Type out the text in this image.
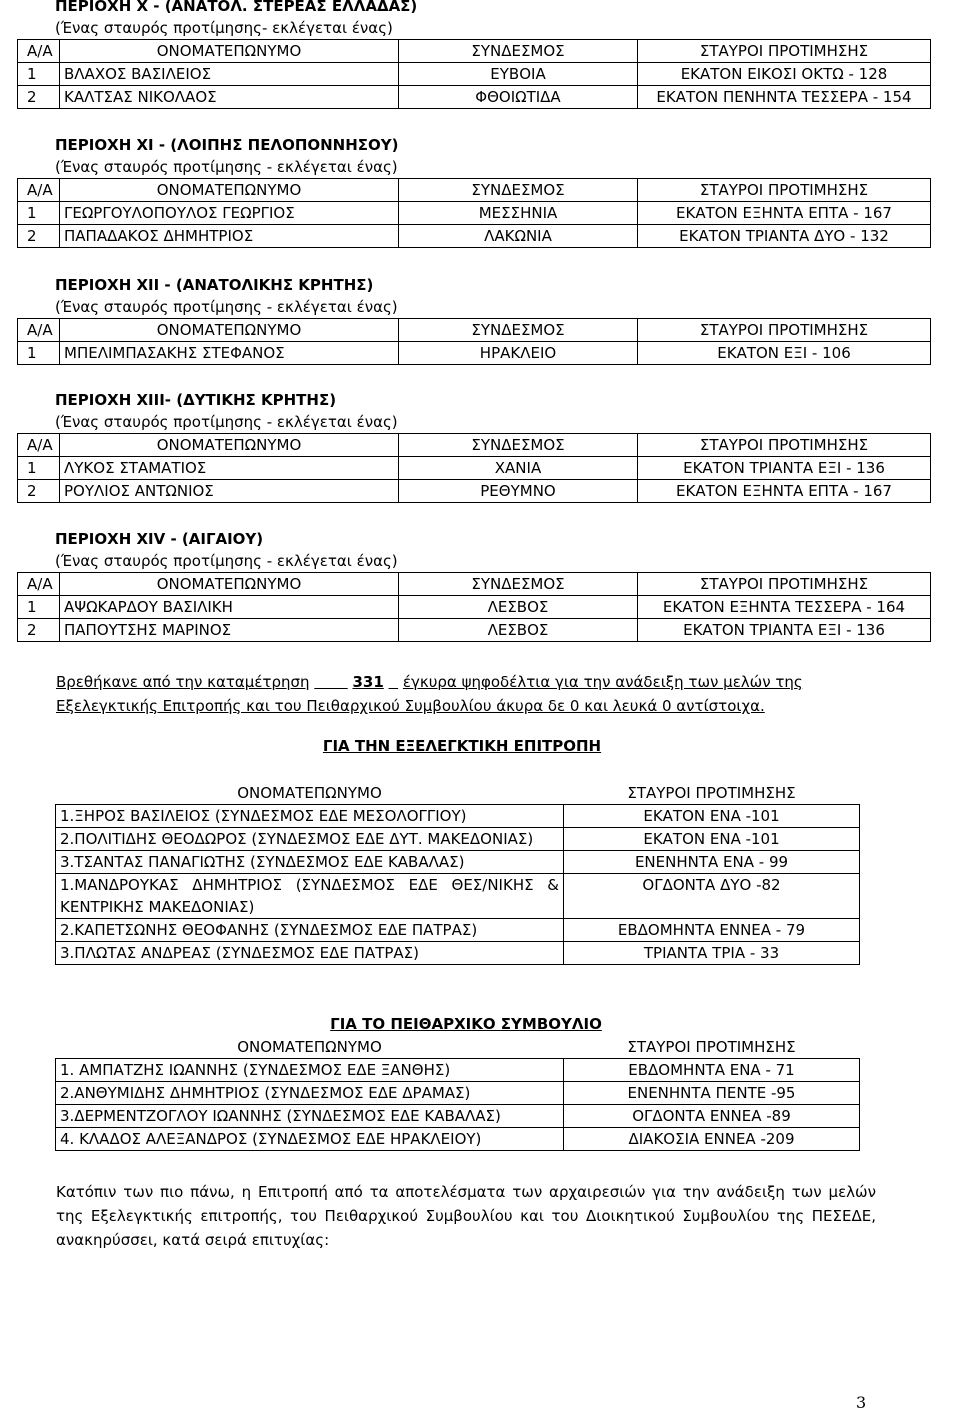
ΠΕΡΙΟΧΗ Χ - (ΑΝΑΤΟΛ. ΣΤΕΡΕΑΣ ΕΛΛΑΔΑΣ)
(Ένας σταυρός προτίμησης- εκλέγεται ένας)
Α/Α	ΟΝΟΜΑΤΕΠΩΝΥΜΟ	ΣΥΝΔΕΣΜΟΣ	ΣΤΑΥΡΟΙ ΠΡΟΤΙΜΗΣΗΣ
1	ΒΛΑΧΟΣ ΒΑΣΙΛΕΙΟΣ	ΕΥΒΟΙΑ	ΕΚΑΤΟΝ ΕΙΚΟΣΙ ΟΚΤΩ - 128
2	ΚΑΛΤΣΑΣ ΝΙΚΟΛΑΟΣ	ΦΘΟΙΩΤΙΔΑ	ΕΚΑΤΟΝ ΠΕΝΗΝΤΑ ΤΕΣΣΕΡΑ - 154
ΠΕΡΙΟΧΗ ΧΙ - (ΛΟΙΠΗΣ ΠΕΛΟΠΟΝΝΗΣΟΥ)
(Ένας σταυρός προτίμησης - εκλέγεται ένας)
Α/Α	ΟΝΟΜΑΤΕΠΩΝΥΜΟ	ΣΥΝΔΕΣΜΟΣ	ΣΤΑΥΡΟΙ ΠΡΟΤΙΜΗΣΗΣ
1	ΓΕΩΡΓΟΥΛΟΠΟΥΛΟΣ ΓΕΩΡΓΙΟΣ	ΜΕΣΣΗΝΙΑ	ΕΚΑΤΟΝ ΕΞΗΝΤΑ ΕΠΤΑ - 167
2	ΠΑΠΑΔΑΚΟΣ ΔΗΜΗΤΡΙΟΣ	ΛΑΚΩΝΙΑ	ΕΚΑΤΟΝ ΤΡΙΑΝΤΑ ΔΥΟ - 132
ΠΕΡΙΟΧΗ ΧΙΙ - (ΑΝΑΤΟΛΙΚΗΣ ΚΡΗΤΗΣ)
(Ένας σταυρός προτίμησης - εκλέγεται ένας)
Α/Α	ΟΝΟΜΑΤΕΠΩΝΥΜΟ	ΣΥΝΔΕΣΜΟΣ	ΣΤΑΥΡΟΙ ΠΡΟΤΙΜΗΣΗΣ
1	ΜΠΕΛΙΜΠΑΣΑΚΗΣ ΣΤΕΦΑΝΟΣ	ΗΡΑΚΛΕΙΟ	ΕΚΑΤΟΝ ΕΞΙ - 106
ΠΕΡΙΟΧΗ ΧΙΙΙ- (ΔΥΤΙΚΗΣ ΚΡΗΤΗΣ)
(Ένας σταυρός προτίμησης - εκλέγεται ένας)
Α/Α	ΟΝΟΜΑΤΕΠΩΝΥΜΟ	ΣΥΝΔΕΣΜΟΣ	ΣΤΑΥΡΟΙ ΠΡΟΤΙΜΗΣΗΣ
1	ΛΥΚΟΣ ΣΤΑΜΑΤΙΟΣ	ΧΑΝΙΑ	ΕΚΑΤΟΝ ΤΡΙΑΝΤΑ ΕΞΙ - 136
2	ΡΟΥΛΙΟΣ ΑΝΤΩΝΙΟΣ	ΡΕΘΥΜΝΟ	ΕΚΑΤΟΝ ΕΞΗΝΤΑ ΕΠΤΑ - 167
ΠΕΡΙΟΧΗ ΧΙV - (ΑΙΓΑΙΟΥ)
(Ένας σταυρός προτίμησης - εκλέγεται ένας)
Α/Α	ΟΝΟΜΑΤΕΠΩΝΥΜΟ	ΣΥΝΔΕΣΜΟΣ	ΣΤΑΥΡΟΙ ΠΡΟΤΙΜΗΣΗΣ
1	ΑΨΩΚΑΡΔΟΥ ΒΑΣΙΛΙΚΗ	ΛΕΣΒΟΣ	ΕΚΑΤΟΝ ΕΞΗΝΤΑ ΤΕΣΣΕΡΑ - 164
2	ΠΑΠΟΥΤΣΗΣ ΜΑΡΙΝΟΣ	ΛΕΣΒΟΣ	ΕΚΑΤΟΝ ΤΡΙΑΝΤΑ ΕΞΙ - 136
Βρεθήκανε από την καταμέτρηση	331 έγκυρα ψηφοδέλτια για την ανάδειξη των μελών της
Εξελεγκτικής Επιτροπής και του Πειθαρχικού Συμβουλίου άκυρα δε 0 και λευκά 0 αντίστοιχα.
ΓΙΑ ΤΗΝ ΕΞΕΛΕΓΚΤΙΚΗ ΕΠΙΤΡΟΠΗ
ΟΝΟΜΑΤΕΠΩΝΥΜΟ	ΣΤΑΥΡΟΙ ΠΡΟΤΙΜΗΣΗΣ
1.ΞΗΡΟΣ ΒΑΣΙΛΕΙΟΣ (ΣΥΝΔΕΣΜΟΣ ΕΔΕ ΜΕΣΟΛΟΓΓΙΟΥ)	ΕΚΑΤΟΝ ΕΝΑ -101
2.ΠΟΛΙΤΙΔΗΣ ΘΕΟΔΩΡΟΣ (ΣΥΝΔΕΣΜΟΣ ΕΔΕ ΔΥΤ. ΜΑΚΕΔΟΝΙΑΣ)	ΕΚΑΤΟΝ ΕΝΑ -101
3.ΤΣΑΝΤΑΣ ΠΑΝΑΓΙΩΤΗΣ (ΣΥΝΔΕΣΜΟΣ ΕΔΕ ΚΑΒΑΛΑΣ)	ΕΝΕΝΗΝΤΑ ΕΝΑ - 99
1.ΜΑΝΔΡΟΥΚΑΣ ΔΗΜΗΤΡΙΟΣ (ΣΥΝΔΕΣΜΟΣ ΕΔΕ ΘΕΣ/ΝΙΚΗΣ & ΚΕΝΤΡΙΚΗΣ ΜΑΚΕΔΟΝΙΑΣ)	ΟΓΔΟΝΤΑ ΔΥΟ -82
2.ΚΑΠΕΤΣΩΝΗΣ ΘΕΟΦΑΝΗΣ (ΣΥΝΔΕΣΜΟΣ ΕΔΕ ΠΑΤΡΑΣ)	ΕΒΔΟΜΗΝΤΑ ΕΝΝΕΑ - 79
3.ΠΛΩΤΑΣ ΑΝΔΡΕΑΣ (ΣΥΝΔΕΣΜΟΣ ΕΔΕ ΠΑΤΡΑΣ)	ΤΡΙΑΝΤΑ ΤΡΙΑ - 33
ΓΙΑ ΤΟ ΠΕΙΘΑΡΧΙΚΟ ΣΥΜΒΟΥΛΙΟ
ΟΝΟΜΑΤΕΠΩΝΥΜΟ	ΣΤΑΥΡΟΙ ΠΡΟΤΙΜΗΣΗΣ
1. ΑΜΠΑΤΖΗΣ ΙΩΑΝΝΗΣ (ΣΥΝΔΕΣΜΟΣ ΕΔΕ ΞΑΝΘΗΣ)	ΕΒΔΟΜΗΝΤΑ ΕΝΑ - 71
2.ΑΝΘΥΜΙΔΗΣ ΔΗΜΗΤΡΙΟΣ (ΣΥΝΔΕΣΜΟΣ ΕΔΕ ΔΡΑΜΑΣ)	ΕΝΕΝΗΝΤΑ ΠΕΝΤΕ -95
3.ΔΕΡΜΕΝΤΖΟΓΛΟΥ ΙΩΑΝΝΗΣ (ΣΥΝΔΕΣΜΟΣ ΕΔΕ ΚΑΒΑΛΑΣ)	ΟΓΔΟΝΤΑ ΕΝΝΕΑ -89
4. ΚΛΑΔΟΣ ΑΛΕΞΑΝΔΡΟΣ (ΣΥΝΔΕΣΜΟΣ ΕΔΕ ΗΡΑΚΛΕΙΟΥ)	ΔΙΑΚΟΣΙΑ ΕΝΝΕΑ -209
Κατόπιν των πιο πάνω, η Επιτροπή από τα αποτελέσματα των αρχαιρεσιών για την ανάδειξη των μελών της Εξελεγκτικής επιτροπής, του Πειθαρχικού Συμβουλίου και του Διοικητικού Συμβουλίου της ΠΕΣΕΔΕ, ανακηρύσσει, κατά σειρά επιτυχίας:
3
